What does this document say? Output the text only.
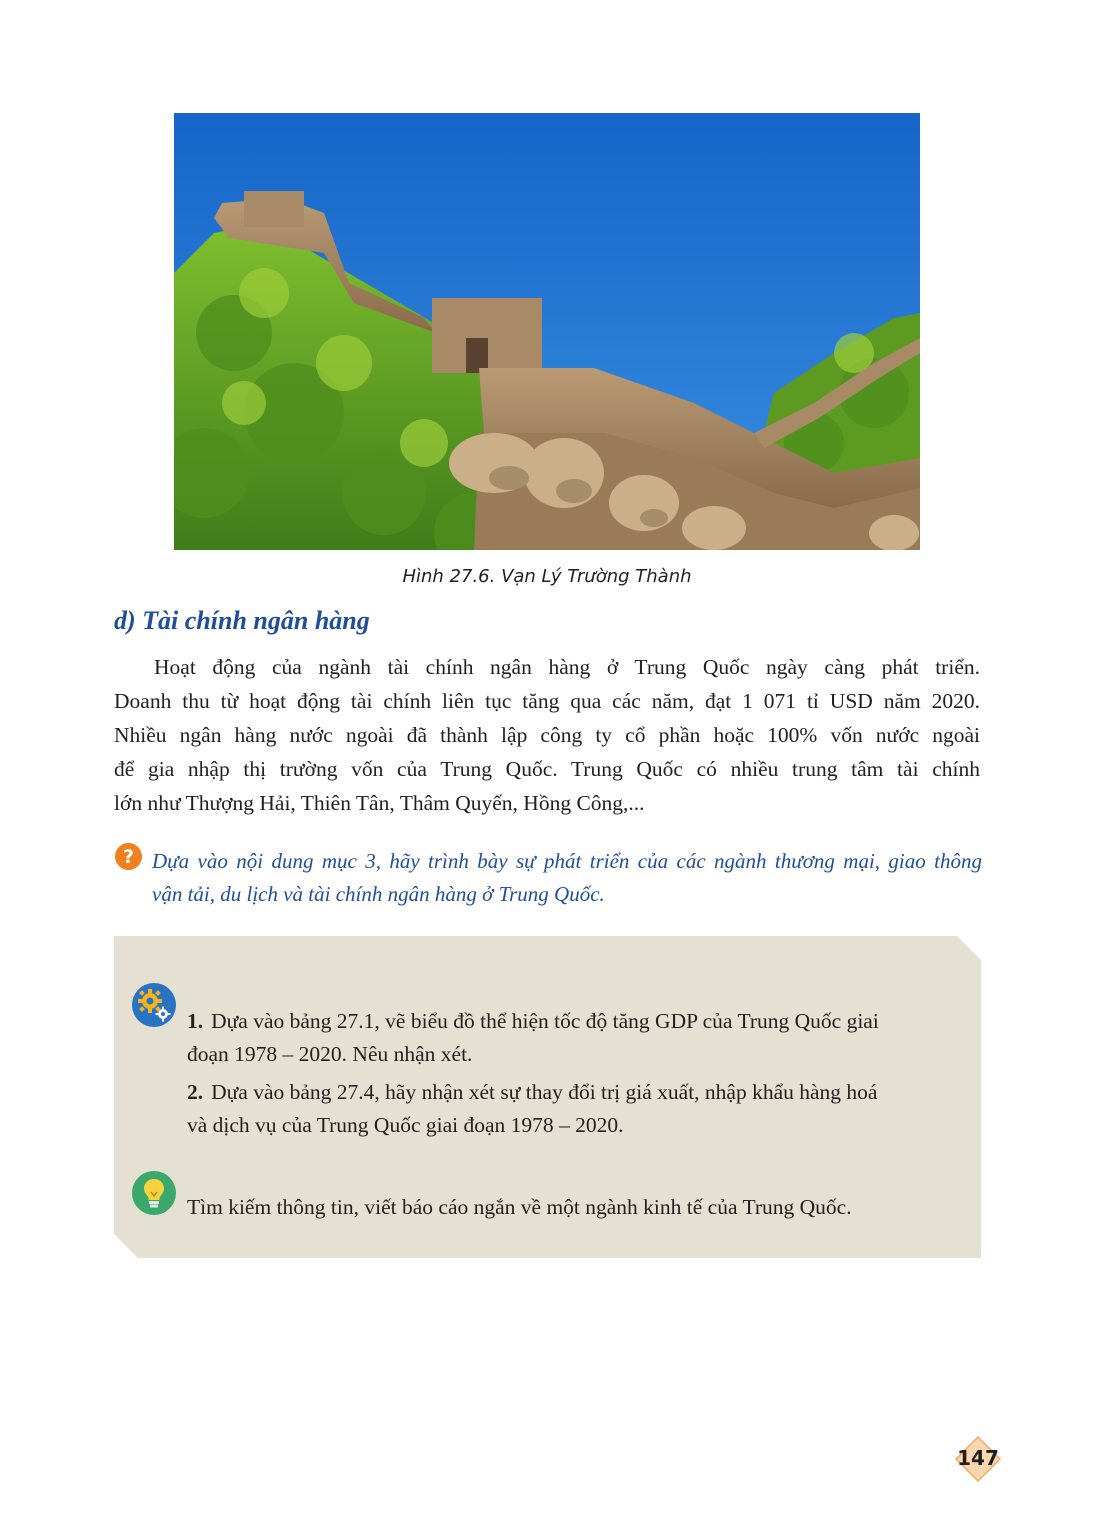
Hình 27.6. Vạn Lý Trường Thành
d) Tài chính ngân hàng

Hoạt động của ngành tài chính ngân hàng ở Trung Quốc ngày càng phát triển.
Doanh thu từ hoạt động tài chính liên tục tăng qua các năm, đạt 1 071 tỉ USD năm 2020.
Nhiều ngân hàng nước ngoài đã thành lập công ty cổ phần hoặc 100% vốn nước ngoài
để gia nhập thị trường vốn của Trung Quốc. Trung Quốc có nhiều trung tâm tài chính
lớn như Thượng Hải, Thiên Tân, Thâm Quyến, Hồng Công,...

? Dựa vào nội dung mục 3, hãy trình bày sự phát triển của các ngành thương mại, giao thông
vận tải, du lịch và tài chính ngân hàng ở Trung Quốc.
1. Dựa vào bảng 27.1, vẽ biểu đồ thể hiện tốc độ tăng GDP của Trung Quốc giai
đoạn 1978 – 2020. Nêu nhận xét.
2. Dựa vào bảng 27.4, hãy nhận xét sự thay đổi trị giá xuất, nhập khẩu hàng hoá
và dịch vụ của Trung Quốc giai đoạn 1978 – 2020.
Tìm kiếm thông tin, viết báo cáo ngắn về một ngành kinh tế của Trung Quốc.
147
